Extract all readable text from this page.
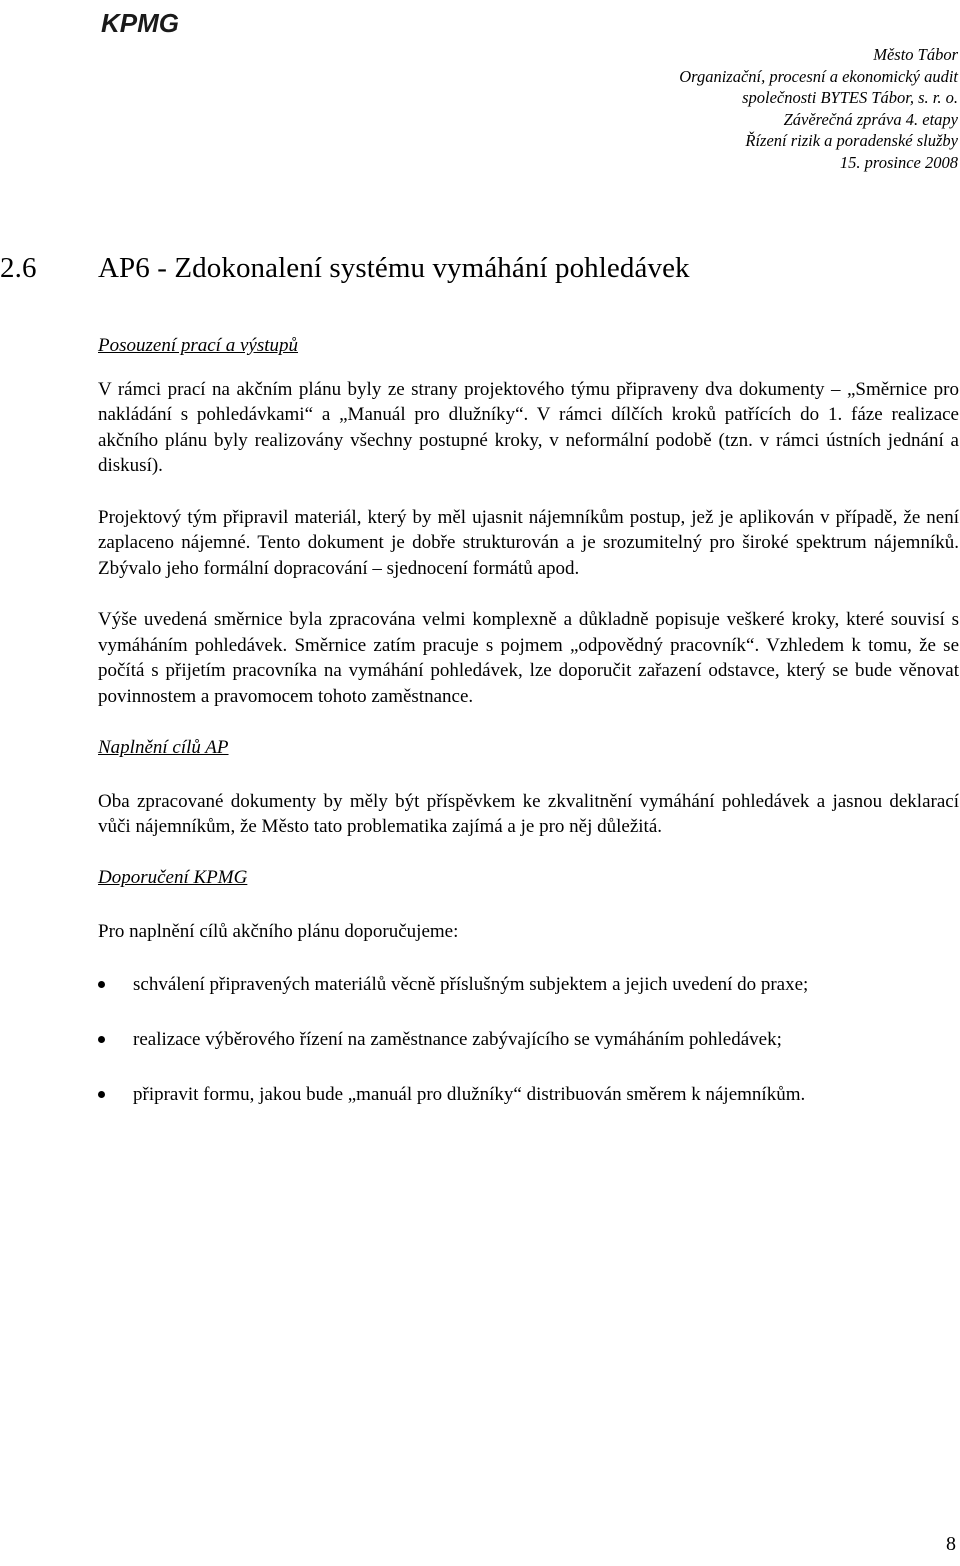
KPMG
Město Tábor
Organizační, procesní a ekonomický audit
společnosti BYTES Tábor, s. r. o.
Závěrečná zpráva 4. etapy
Řízení rizik a poradenské služby
15. prosince 2008
2.6 AP6 - Zdokonalení systému vymáhání pohledávek
Posouzení prací a výstupů

V rámci prací na akčním plánu byly ze strany projektového týmu připraveny dva dokumenty – „Směrnice pro nakládání s pohledávkami“ a „Manuál pro dlužníky“. V rámci dílčích kroků patřících do 1. fáze realizace akčního plánu byly realizovány všechny postupné kroky, v neformální podobě (tzn. v rámci ústních jednání a diskusí).

Projektový tým připravil materiál, který by měl ujasnit nájemníkům postup, jež je aplikován v případě, že není zaplaceno nájemné. Tento dokument je dobře strukturován a je srozumitelný pro široké spektrum nájemníků. Zbývalo jeho formální dopracování – sjednocení formátů apod.

Výše uvedená směrnice byla zpracována velmi komplexně a důkladně popisuje veškeré kroky, které souvisí s vymáháním pohledávek. Směrnice zatím pracuje s pojmem „odpovědný pracovník“. Vzhledem k tomu, že se počítá s přijetím pracovníka na vymáhání pohledávek, lze doporučit zařazení odstavce, který se bude věnovat povinnostem a pravomocem tohoto zaměstnance.

Naplnění cílů AP

Oba zpracované dokumenty by měly být příspěvkem ke zkvalitnění vymáhání pohledávek a jasnou deklarací vůči nájemníkům, že Město tato problematika zajímá a je pro něj důležitá.

Doporučení KPMG

Pro naplnění cílů akčního plánu doporučujeme:

schválení připravených materiálů věcně příslušným subjektem a jejich uvedení do praxe;
realizace výběrového řízení na zaměstnance zabývajícího se vymáháním pohledávek;
připravit formu, jakou bude „manuál pro dlužníky“ distribuován směrem k nájemníkům.
8
